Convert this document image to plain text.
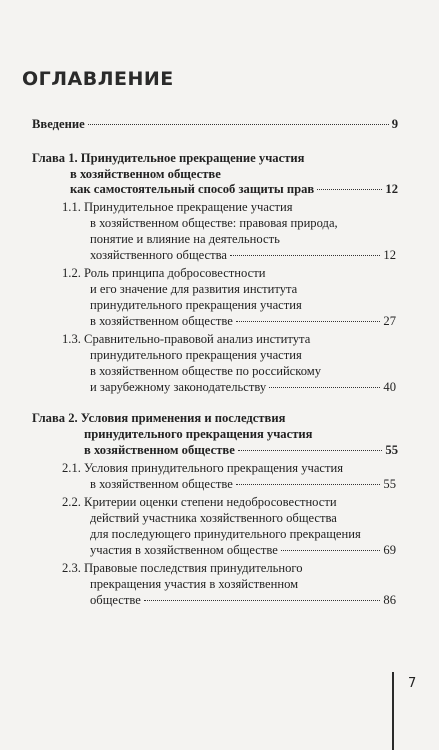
ОГЛАВЛЕНИЕ
Введение	9
Глава 1. Принудительное прекращение участия
в хозяйственном обществе
как самостоятельный способ защиты прав	12
1.1. Принудительное прекращение участия
в хозяйственном обществе: правовая природа,
понятие и влияние на деятельность
хозяйственного общества	12
1.2. Роль принципа добросовестности
и его значение для развития института
принудительного прекращения участия
в хозяйственном обществе	27
1.3. Сравнительно-правовой анализ института
принудительного прекращения участия
в хозяйственном обществе по российскому
и зарубежному законодательству	40
Глава 2. Условия применения и последствия
принудительного прекращения участия
в хозяйственном обществе	55
2.1. Условия принудительного прекращения участия
в хозяйственном обществе	55
2.2. Критерии оценки степени недобросовестности
действий участника хозяйственного общества
для последующего принудительного прекращения
участия в хозяйственном обществе	69
2.3. Правовые последствия принудительного
прекращения участия в хозяйственном
обществе	86
7
